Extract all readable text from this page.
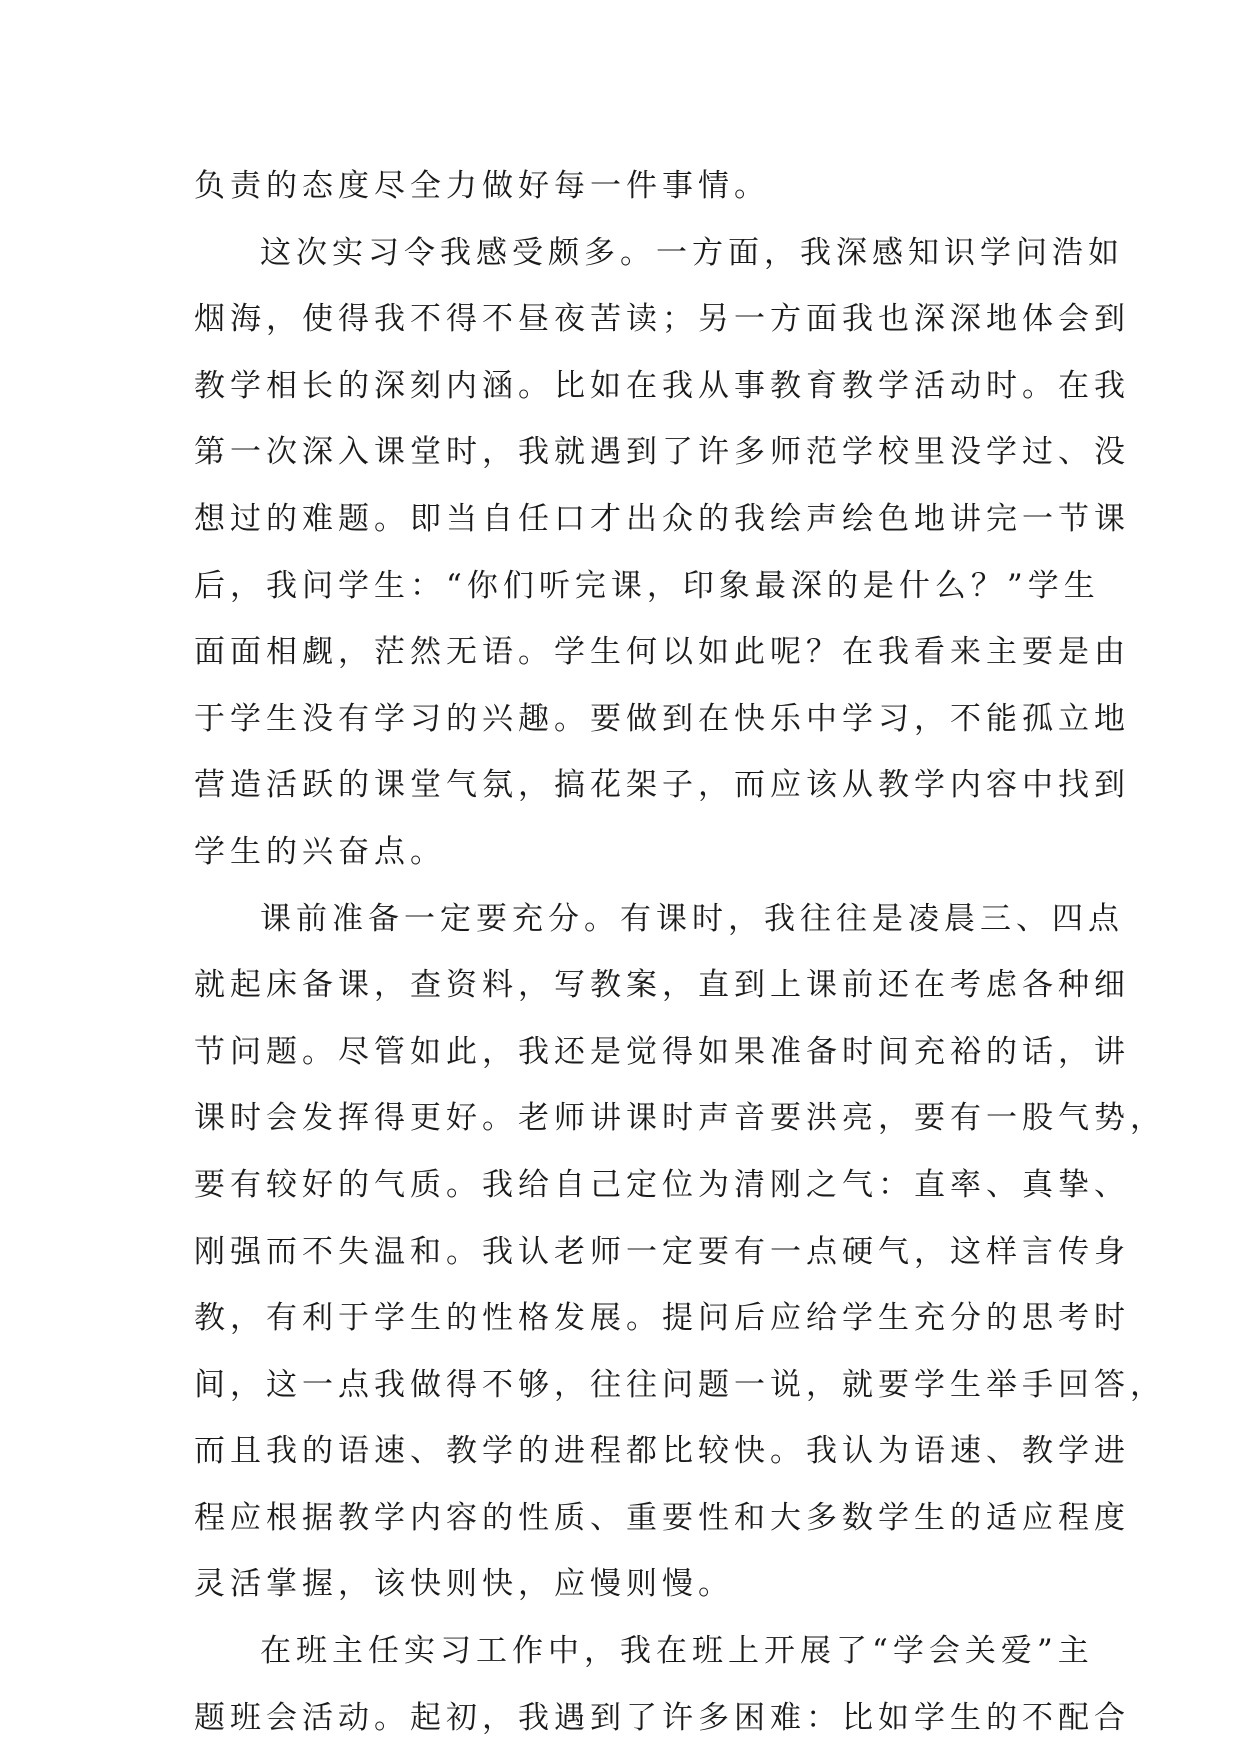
负责的态度尽全力做好每一件事情。
这次实习令我感受颇多。一方面，我深感知识学问浩如
烟海，使得我不得不昼夜苦读；另一方面我也深深地体会到
教学相长的深刻内涵。比如在我从事教育教学活动时。在我
第一次深入课堂时，我就遇到了许多师范学校里没学过、没
想过的难题。即当自任口才出众的我绘声绘色地讲完一节课
后，我问学生：“你们听完课，印象最深的是什么？”学生
面面相觑，茫然无语。学生何以如此呢？在我看来主要是由
于学生没有学习的兴趣。要做到在快乐中学习，不能孤立地
营造活跃的课堂气氛，搞花架子，而应该从教学内容中找到
学生的兴奋点。
课前准备一定要充分。有课时，我往往是凌晨三、四点
就起床备课，查资料，写教案，直到上课前还在考虑各种细
节问题。尽管如此，我还是觉得如果准备时间充裕的话，讲
课时会发挥得更好。老师讲课时声音要洪亮，要有一股气势，
要有较好的气质。我给自己定位为清刚之气：直率、真挚、
刚强而不失温和。我认老师一定要有一点硬气，这样言传身
教，有利于学生的性格发展。提问后应给学生充分的思考时
间，这一点我做得不够，往往问题一说，就要学生举手回答，
而且我的语速、教学的进程都比较快。我认为语速、教学进
程应根据教学内容的性质、重要性和大多数学生的适应程度
灵活掌握，该快则快，应慢则慢。
在班主任实习工作中，我在班上开展了“学会关爱”主
题班会活动。起初，我遇到了许多困难：比如学生的不配合
